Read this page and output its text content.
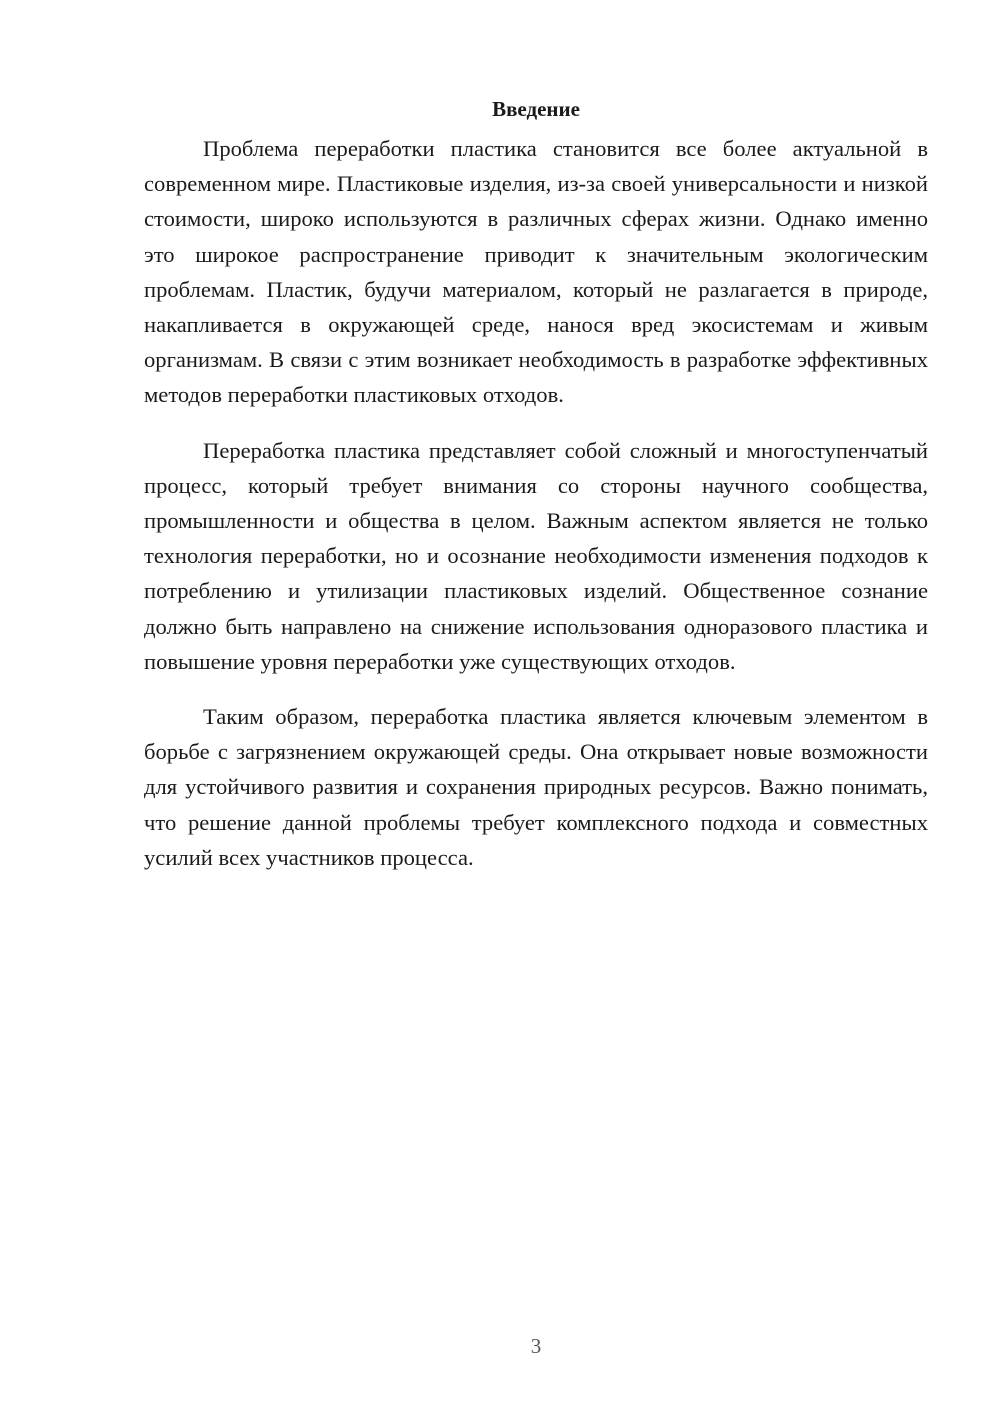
Введение

Проблема переработки пластика становится все более актуальной в современном мире. Пластиковые изделия, из-за своей универсальности и низкой стоимости, широко используются в различных сферах жизни. Однако именно это широкое распространение приводит к значительным экологическим проблемам. Пластик, будучи материалом, который не разлагается в природе, накапливается в окружающей среде, нанося вред экосистемам и живым организмам. В связи с этим возникает необходимость в разработке эффективных методов переработки пластиковых отходов.

Переработка пластика представляет собой сложный и многоступенчатый процесс, который требует внимания со стороны научного сообщества, промышленности и общества в целом. Важным аспектом является не только технология переработки, но и осознание необходимости изменения подходов к потреблению и утилизации пластиковых изделий. Общественное сознание должно быть направлено на снижение использования одноразового пластика и повышение уровня переработки уже существующих отходов.

Таким образом, переработка пластика является ключевым элементом в борьбе с загрязнением окружающей среды. Она открывает новые возможности для устойчивого развития и сохранения природных ресурсов. Важно понимать, что решение данной проблемы требует комплексного подхода и совместных усилий всех участников процесса.

3
